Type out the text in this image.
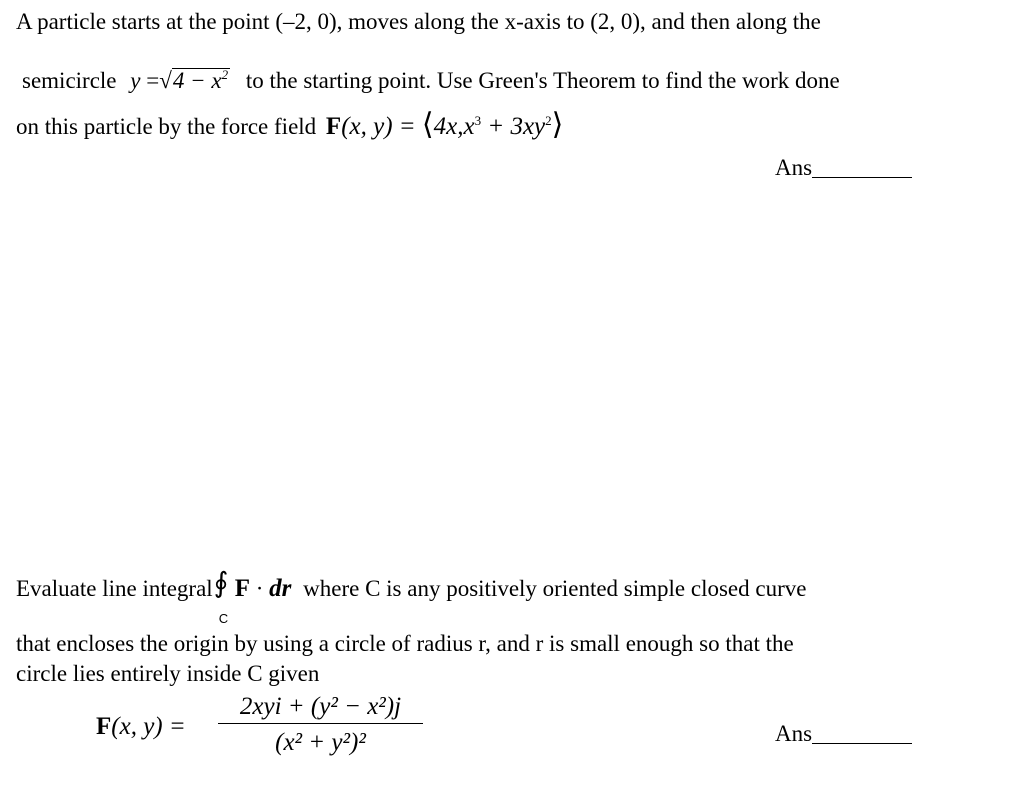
A particle starts at the point (–2, 0), moves along the x-axis to (2, 0), and then along the
semicircle $y =√4 - x^2$ to the starting point. Use Green's Theorem to find the work done
on this particle by the force field F(x, $y) = ⟨4x,x^3$ + $3xy^2⟩$
Ans
Evaluate line integral ∮
C
F · dr where C is any positively oriented simple closed curve
that encloses the origin by using a circle of radius r, and r is small enough so that the
circle lies entirely inside C given
F(x, y) =
2xyi + (y² − x²)j
(x² + y²)²	Ans
